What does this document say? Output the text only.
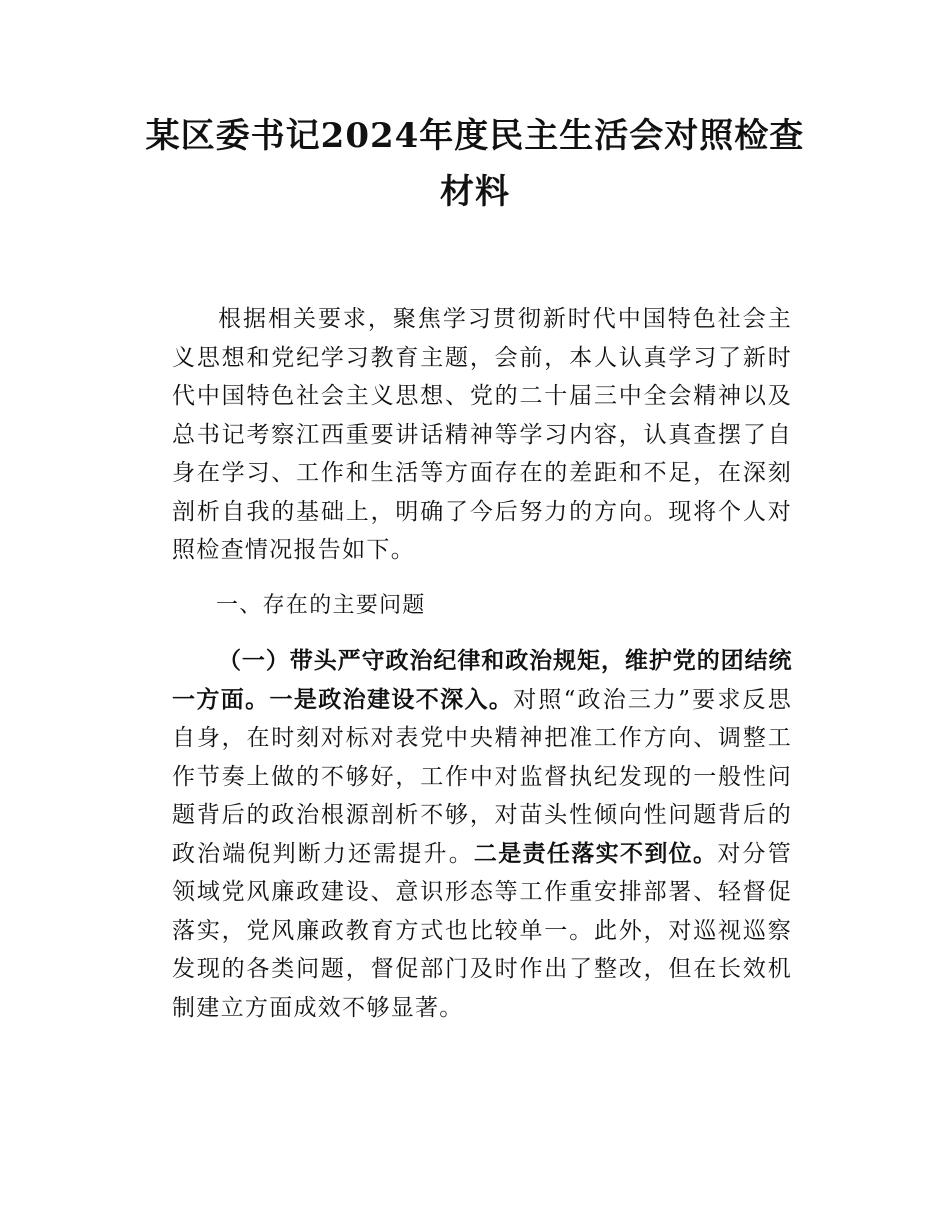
某区委书记2024年度民主生活会对照检查材料

根据相关要求，聚焦学习贯彻新时代中国特色社会主义思想和党纪学习教育主题，会前，本人认真学习了新时代中国特色社会主义思想、党的二十届三中全会精神以及总书记考察江西重要讲话精神等学习内容，认真查摆了自身在学习、工作和生活等方面存在的差距和不足，在深刻剖析自我的基础上，明确了今后努力的方向。现将个人对照检查情况报告如下。

一、存在的主要问题

（一）带头严守政治纪律和政治规矩，维护党的团结统一方面。一是政治建设不深入。对照“政治三力”要求反思自身，在时刻对标对表党中央精神把准工作方向、调整工作节奏上做的不够好，工作中对监督执纪发现的一般性问题背后的政治根源剖析不够，对苗头性倾向性问题背后的政治端倪判断力还需提升。二是责任落实不到位。对分管领域党风廉政建设、意识形态等工作重安排部署、轻督促落实，党风廉政教育方式也比较单一。此外，对巡视巡察发现的各类问题，督促部门及时作出了整改，但在长效机制建立方面成效不够显著。
